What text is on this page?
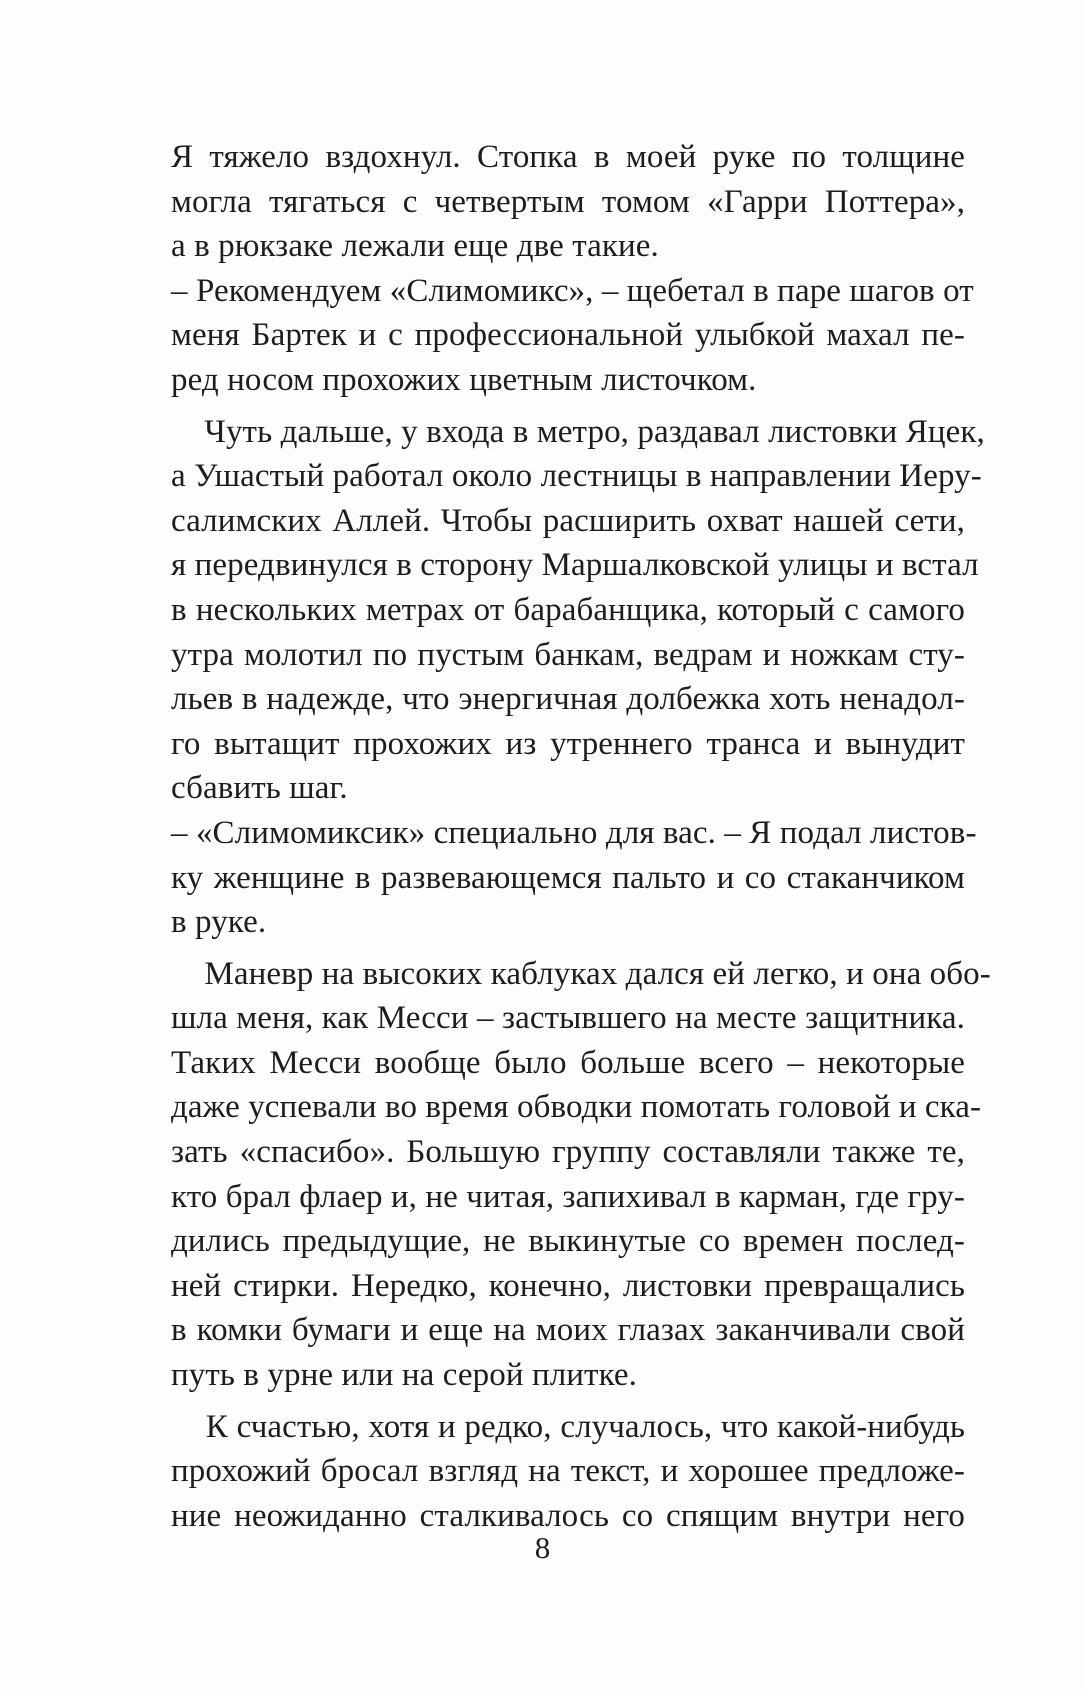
Я тяжело вздохнул. Стопка в моей руке по толщине
могла тягаться с четвертым томом «Гарри Поттера»,
а в рюкзаке лежали еще две такие.
– Рекомендуем «Слимомикс», – щебетал в паре шагов от
меня Бартек и с профессиональной улыбкой махал пе-
ред носом прохожих цветным листочком.
Чуть дальше, у входа в метро, раздавал листовки Яцек,
а Ушастый работал около лестницы в направлении Иеру-
салимских Аллей. Чтобы расширить охват нашей сети,
я передвинулся в сторону Маршалковской улицы и встал
в нескольких метрах от барабанщика, который с самого
утра молотил по пустым банкам, ведрам и ножкам сту-
льев в надежде, что энергичная долбежка хоть ненадол-
го вытащит прохожих из утреннего транса и вынудит
сбавить шаг.
– «Слимомиксик» специально для вас. – Я подал листов-
ку женщине в развевающемся пальто и со стаканчиком
в руке.
Маневр на высоких каблуках дался ей легко, и она обо-
шла меня, как Месси – застывшего на месте защитника.
Таких Месси вообще было больше всего – некоторые
даже успевали во время обводки помотать головой и ска-
зать «спасибо». Большую группу составляли также те,
кто брал флаер и, не читая, запихивал в карман, где гру-
дились предыдущие, не выкинутые со времен послед-
ней стирки. Нередко, конечно, листовки превращались
в комки бумаги и еще на моих глазах заканчивали свой
путь в урне или на серой плитке.
К счастью, хотя и редко, случалось, что какой-нибудь
прохожий бросал взгляд на текст, и хорошее предложе-
ние неожиданно сталкивалось со спящим внутри него
8
